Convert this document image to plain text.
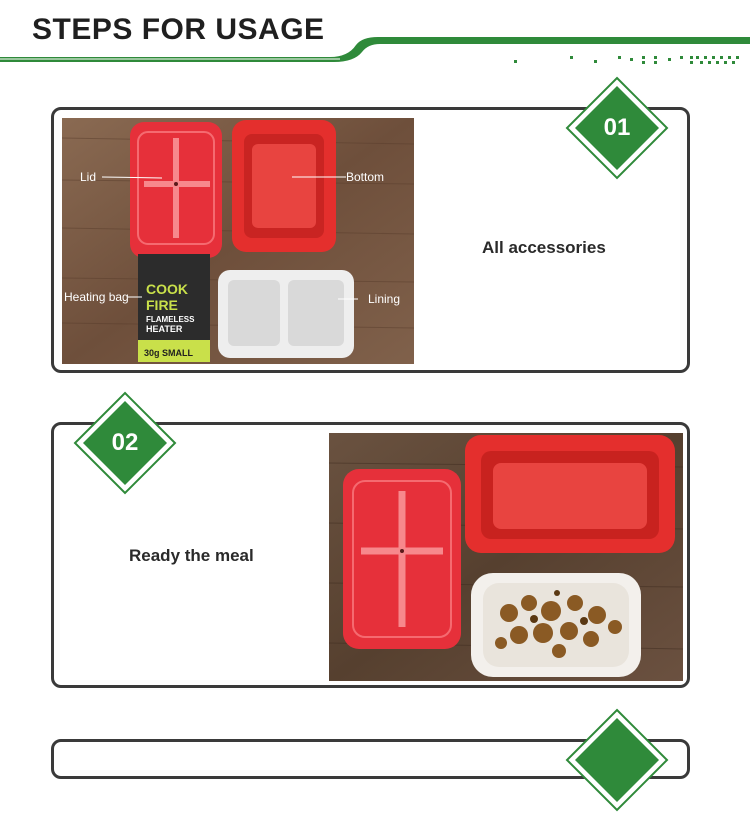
STEPS FOR USAGE
COOK
FIRE
FLAMELESS
HEATER
30g SMALL
Lid	Bottom
Heating bag	Lining
All accessories
01
Ready the meal
02
